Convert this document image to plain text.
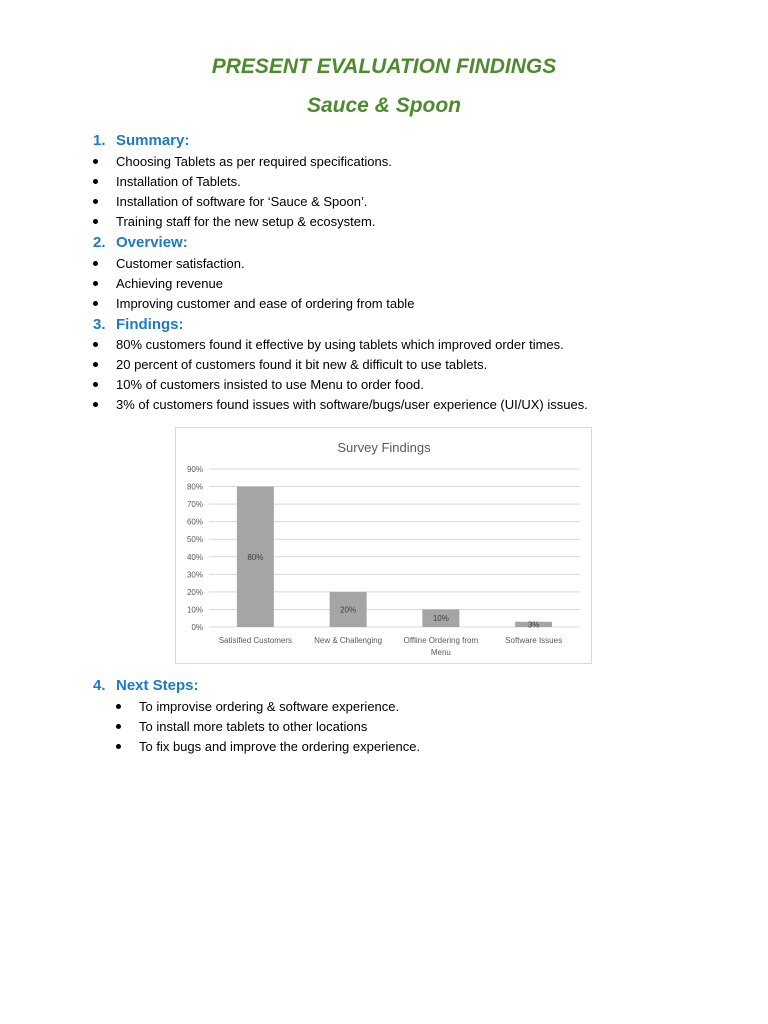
PRESENT EVALUATION FINDINGS
Sauce & Spoon
1. Summary:
Choosing Tablets as per required specifications.
Installation of Tablets.
Installation of software for ‘Sauce & Spoon’.
Training staff for the new setup & ecosystem.
2. Overview:
Customer satisfaction.
Achieving revenue
Improving customer and ease of ordering from table
3. Findings:
80% customers found it effective by using tablets which improved order times.
20 percent of customers found it bit new & difficult to use tablets.
10% of customers insisted to use Menu to order food.
3% of customers found issues with software/bugs/user experience (UI/UX) issues.
Survey Findings
0%
10%
20%
30%
40%
50%
60%
70%
80%
90%
80%
Satisified Customers
20%
New & Challenging
10%
Offline Ordering from
Menu
3%
Software Issues
4. Next Steps:
To improvise ordering & software experience.
To install more tablets to other locations
To fix bugs and improve the ordering experience.
